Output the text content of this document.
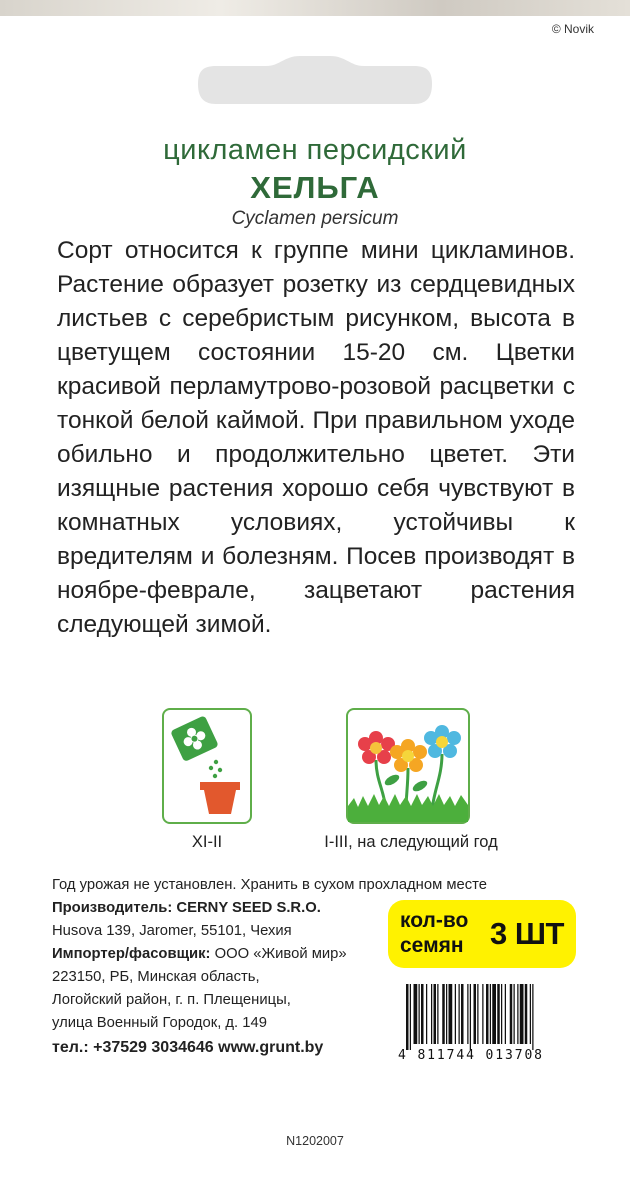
© Novik
цикламен персидский
ХЕЛЬГА
Cyclamen persicum

Сорт относится к группе мини цикламинов. Растение образует розетку из сердцевидных листьев с серебристым рисунком, высота в цветущем состоянии 15-20 см. Цветки красивой перламутрово-розовой расцветки с тонкой белой каймой. При правильном уходе обильно и продолжительно цветет. Эти изящные растения хорошо себя чувствуют в комнатных условиях, устойчивы к вредителям и болезням. Посев производят в ноябре-феврале, зацветают растения следующей зимой.

XI-II	I-III, на следующий год
Год урожая не установлен. Хранить в сухом прохладном месте
Производитель: CERNY SEED S.R.O.
Husova 139, Jaromer, 55101, Чехия
Импортер/фасовщик: ООО «Живой мир»
223150, РБ, Минская область,
Логойский район, г. п. Плещеницы,
улица Военный Городок, д. 149
тел.: +37529 3034646 www.grunt.by
кол-во
семян 3 ШТ
4 811744 013708
N1202007
